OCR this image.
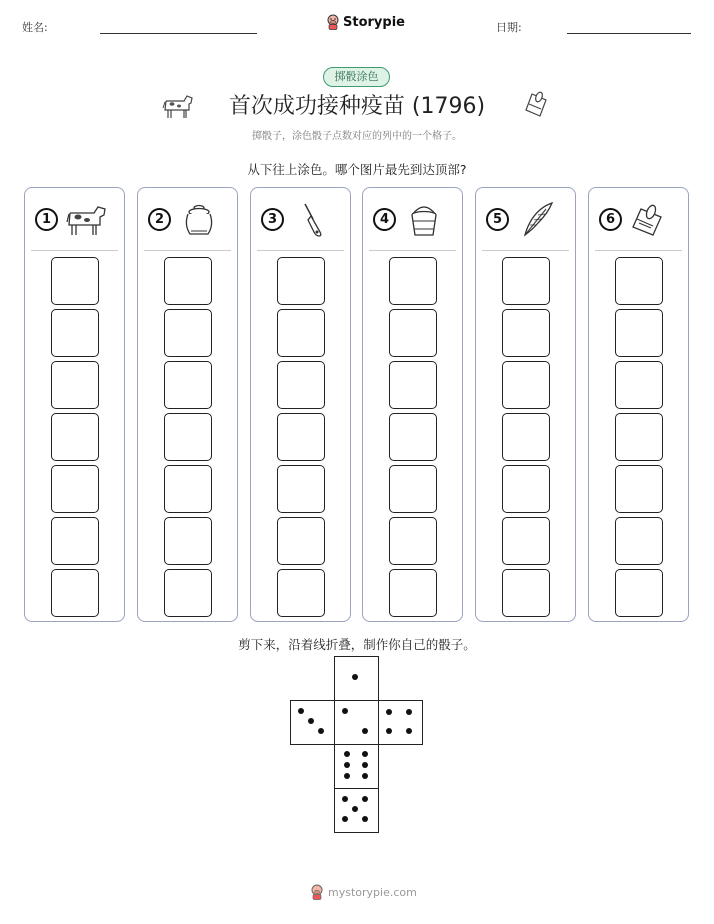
姓名:	Storypie	日期:
掷骰涂色
首次成功接种疫苗 (1796)
掷骰子，涂色骰子点数对应的列中的一个格子。
从下往上涂色。哪个图片最先到达顶部?
1	2	3	4	5	6
剪下来，沿着线折叠，制作你自己的骰子。
mystorypie.com
